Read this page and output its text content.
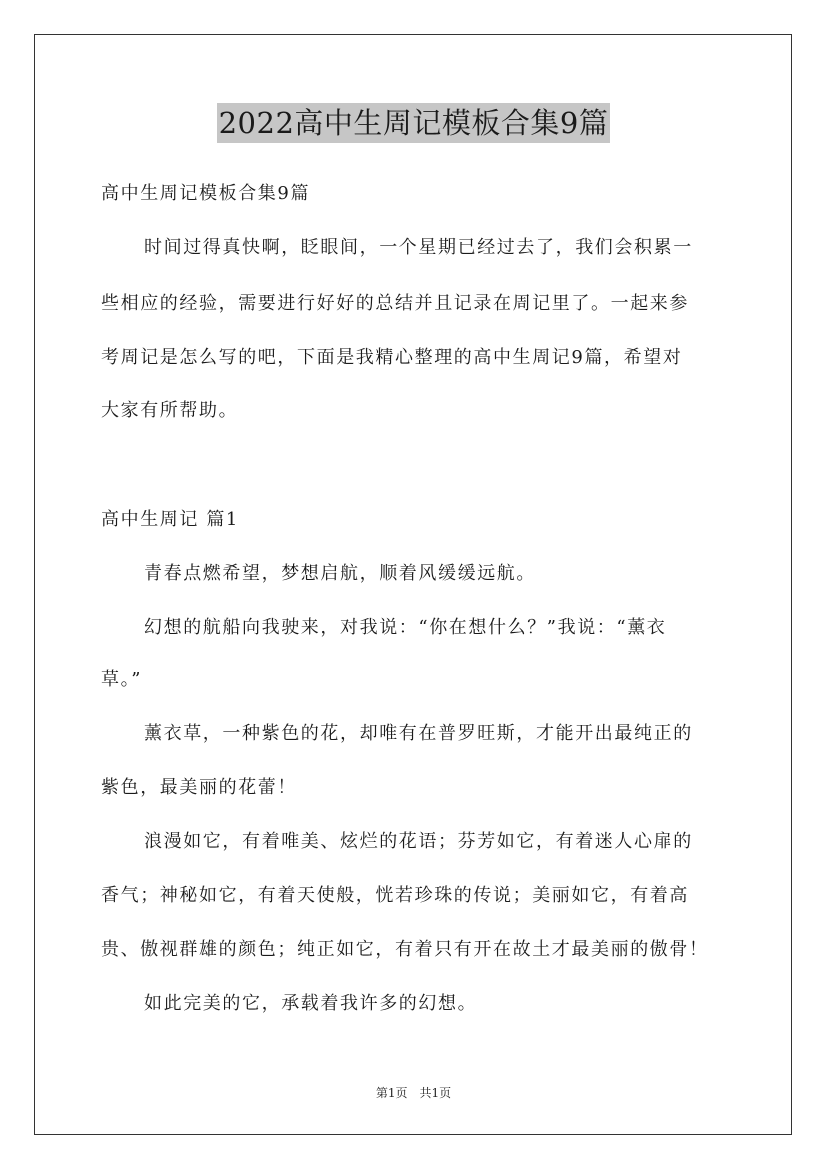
2022高中生周记模板合集9篇
高中生周记模板合集9篇
时间过得真快啊，眨眼间，一个星期已经过去了，我们会积累一
些相应的经验，需要进行好好的总结并且记录在周记里了。一起来参
考周记是怎么写的吧，下面是我精心整理的高中生周记9篇，希望对
大家有所帮助。
高中生周记 篇1
青春点燃希望，梦想启航，顺着风缓缓远航。
幻想的航船向我驶来，对我说：“你在想什么？”我说：“薰衣
草。”
薰衣草，一种紫色的花，却唯有在普罗旺斯，才能开出最纯正的
紫色，最美丽的花蕾！
浪漫如它，有着唯美、炫烂的花语；芬芳如它，有着迷人心扉的
香气；神秘如它，有着天使般，恍若珍珠的传说；美丽如它，有着高
贵、傲视群雄的颜色；纯正如它，有着只有开在故土才最美丽的傲骨！
如此完美的它，承载着我许多的幻想。
第1页　共1页
